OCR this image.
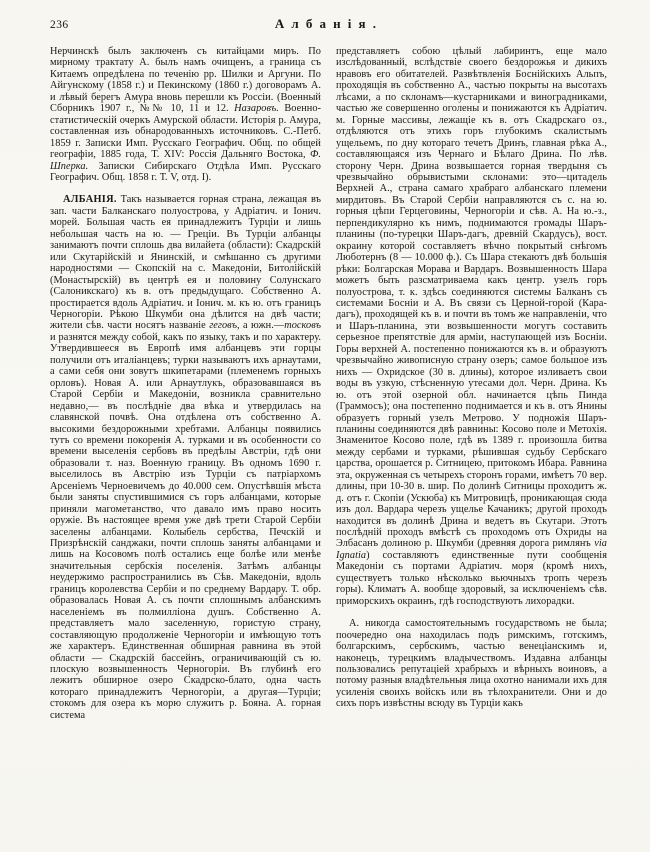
236	Албанія.

Нерчинскѣ былъ заключенъ съ китайцами миръ. По мирному трактату А. былъ намъ очищенъ, а граница съ Китаемъ опредѣлена по теченію рр. Шилки и Аргуни. По Айгунскому (1858 г.) и Пекинскому (1860 г.) договорамъ А. и лѣвый берегъ Амура вновь перешли къ Россіи. (Военный Сборникъ 1907 г., №№ 10, 11 и 12. Назаровъ. Военно-статистическій очеркъ Амурской области. Исторія р. Амура, составленная изъ обнародованныхъ источниковъ. С.-Петб. 1859 г. Записки Имп. Русскаго Географич. Общ. по общей географіи, 1885 года, Т. XIV: Россія Дальняго Востока, Ф. Шперка. Записки Сибирскаго Отдѣла Имп. Русскаго Географич. Общ. 1858 г. Т. V, отд. I).

АЛБАНІЯ. Такъ называется горная страна, лежащая въ зап. части Балканскаго полуострова, у Адріатич. и Іонич. морей. Большая часть ея принадлежитъ Турціи и лишь небольшая часть на ю. — Греціи. Въ Турціи албанцы занимаютъ почти сплошь два вилайета (области): Скадрскій или Скутарійскій и Янинскій, и смѣшанно съ другими народностями — Скопскій на с. Македоніи, Битолійскій (Монастырскій) въ центрѣ ея и половину Солунскаго (Салоникскаго) къ в. отъ предыдущаго. Собственно А. простирается вдоль Адріатич. и Іонич. м. къ ю. отъ границъ Черногоріи. Рѣкою Шкумби она дѣлится на двѣ части; жители сѣв. части носятъ названіе геговъ, а южн.—тосковъ и разнятся между собой, какъ по языку, такъ и по характеру. Утвердившееся въ Европѣ имя албанцевъ эти горцы получили отъ италіанцевъ; турки называютъ ихъ арнаутами, а сами себя они зовутъ шкипетарами (племенемъ горныхъ орловъ). Новая А. или Арнаутлукъ, образовавшаяся въ Старой Сербіи и Македоніи, возникла сравнительно недавно,— въ послѣдніе два вѣка и утвердилась на славянской почвѣ. Она отдѣлена отъ собственно А. высокими бездорожными хребтами. Албанцы появились тутъ со времени покоренія А. турками и въ особенности со времени выселенія сербовъ въ предѣлы Австріи, гдѣ они образовали т. наз. Военную границу. Въ одномъ 1690 г. выселилось въ Австрію изъ Турціи съ патріархомъ Арсеніемъ Черноевичемъ до 40.000 сем. Опустѣвшія мѣста были заняты спустившимися съ горъ албанцами, которые приняли магометанство, что давало имъ право носить оружіе. Въ настоящее время уже двѣ трети Старой Сербіи заселены албанцами. Колыбель сербства, Печскій и Призрѣнскій санджаки, почти сплошь заняты албанцами и лишь на Косовомъ полѣ остались еще болѣе или менѣе значительныя сербскія поселенія. Затѣмъ албанцы неудержимо распространились въ Сѣв. Македоніи, вдоль границъ королевства Сербіи и по среднему Вардару. Т. обр. образовалась Новая А. съ почти сплошнымъ албанскимъ населеніемъ въ полмилліона душъ. Собственно А. представляетъ мало заселенную, гористую страну, составляющую продолженіе Черногоріи и имѣющую тотъ же характеръ. Единственная обширная равнина въ этой области — Скадрскій бассейнъ, ограничивающій съ ю. плоскую возвышенность Черногоріи. Въ глубинѣ его лежитъ обширное озеро Скадрско-блато, одна часть котораго принадлежитъ Черногоріи, а другая—Турціи; стокомъ для озера къ морю служитъ р. Бояна. А. горная система

представляетъ собою цѣлый лабиринтъ, еще мало изслѣдованный, вслѣдствіе своего бездорожья и дикихъ нравовъ его обитателей. Развѣтвленія Боснійскихъ Альпъ, проходящія въ собственно А., частью покрыты на высотахъ лѣсами, а по склонамъ—кустарниками и виноградниками, частью же совершенно оголены и понижаются къ Адріатич. м. Горные массивы, лежащіе къ в. отъ Скадрскаго оз., отдѣляются отъ этихъ горъ глубокимъ скалистымъ ущельемъ, по дну котораго течетъ Дринъ, главная рѣка А., составляющаяся изъ Чернаго и Бѣлаго Дрина. По лѣв. сторону Черн. Дрина возвышается горная твердыня съ чрезвычайно обрывистыми склонами: это—цитадель Верхней А., страна самаго храбраго албанскаго племени мирдитовъ. Въ Старой Сербіи направляются съ с. на ю. горныя цѣпи Герцеговины, Черногоріи и сѣв. А. На ю.-з., перпендикулярно къ нимъ, поднимаются громады Шаръ-планины (по-турецки Шаръ-дагъ, древній Скардусъ), вост. окраину которой составляетъ вѣчно покрытый снѣгомъ Люботернъ (8 — 10.000 ф.). Съ Шара стекаютъ двѣ большія рѣки: Болгарская Морава и Вардаръ. Возвышенность Шара можетъ быть разсматриваема какъ центр. узелъ горъ полуострова, т. к. здѣсь соединяются системы Балканъ съ системами Босніи и А. Въ связи съ Церной-горой (Кара-дагъ), проходящей къ в. и почти въ томъ же направленіи, что и Шаръ-планина, эти возвышенности могутъ составить серьезное препятствіе для арміи, наступающей изъ Босніи. Горы верхней А. постепенно понижаются къ в. и образуютъ чрезвычайно живописную страну озеръ; самое большое изъ нихъ — Охридское (30 в. длины), которое изливаетъ свои воды въ узкую, стѣсненную утесами дол. Черн. Дрина. Къ ю. отъ этой озерной обл. начинается цѣпь Пинда (Граммосъ); она постепенно поднимается и къ в. отъ Янины образуетъ горный узелъ Метрово. У подножія Шаръ-планины соединяются двѣ равнины: Косово поле и Метохія. Знаменитое Косово поле, гдѣ въ 1389 г. произошла битва между сербами и турками, рѣшившая судьбу Сербскаго царства, орошается р. Ситницею, притокомъ Ибара. Равнина эта, окруженная съ четырехъ сторонъ горами, имѣетъ 70 вер. длины, при 10-30 в. шир. По долинѣ Ситницы проходитъ ж. д. отъ г. Скопіи (Ускюба) къ Митровицѣ, проникающая сюда изъ дол. Вардара черезъ ущелье Качаникъ; другой проходъ находится въ долинѣ Дрина и ведетъ въ Скутари. Этотъ послѣдній проходъ вмѣстѣ съ проходомъ отъ Охриды на Элбасанъ долиною р. Шкумби (древняя дорога римлянъ via Ignatia) составляютъ единственные пути сообщенія Македоніи съ портами Адріатич. моря (кромѣ нихъ, существуетъ только нѣсколько вьючныхъ тропъ черезъ горы). Климатъ А. вообще здоровый, за исключеніемъ сѣв. приморскихъ окраинъ, гдѣ господствуютъ лихорадки.

А. никогда самостоятельнымъ государствомъ не была; поочередно она находилась подъ римскимъ, готскимъ, болгарскимъ, сербскимъ, частью венеціанскимъ и, наконецъ, турецкимъ владычествомъ. Издавна албанцы пользовались репутаціей храбрыхъ и вѣрныхъ воиновъ, а потому разныя владѣтельныя лица охотно нанимали ихъ для усиленія своихъ войскъ или въ тѣлохранители. Они и до сихъ поръ извѣстны всюду въ Турціи какъ
